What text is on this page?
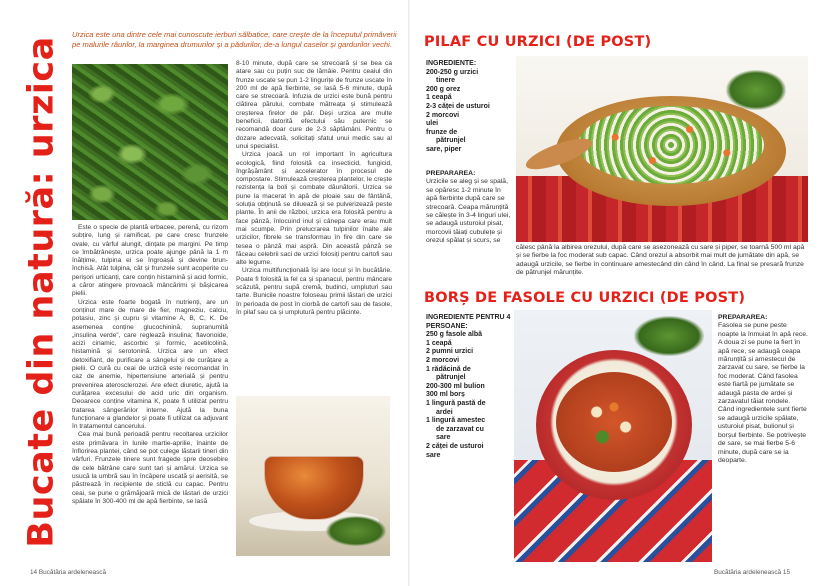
Bucate din natură: urzica
Urzica este una dintre cele mai cunoscute ierburi sălbatice, care crește de la începutul primăverii pe malurile râurilor, la marginea drumurilor și a pădurilor, de-a lungul caselor și gardurilor vechi.

Este o specie de plantă erbacee, perenă, cu rizom subțire, lung și ramificat, pe care cresc frunzele ovale, cu vârful alungit, dințate pe margini. Pe timp ce îmbătrânește, urzica poate ajunge până la 1 m înălțime, tulpina ei se îngroașă și devine brun-închisă. Atât tulpina, cât și frunzele sunt acoperite cu perișori urticanți, care conțin histamină și acid formic, a căror atingere provoacă mâncărimi și bășicarea pielii.

Urzica este foarte bogată în nutrienți, are un conținut mare de mare de fier, magneziu, calciu, potasiu, zinc și cupru și vitamine A, B, C, K. De asemenea conține glucochinină, supranumită „insulina verde”, care reglează insulina; flavonoide, acizi cinamic, ascorbic și formic, acetilcolină, histamină și serotonină. Urzica are un efect detoxifiant, de purificare a sângelui și de curățare a pielii. O cură cu ceai de urzică este recomandat în caz de anemie, hipertensiune arterială și pentru prevenirea aterosclerozei. Are efect diuretic, ajută la curățarea excesului de acid uric din organism. Deoarece conține vitamina K, poate fi utilizat pentru tratarea sângerărilor interne. Ajută la buna funcționare a glandelor și poate fi utilizat ca adjuvant în tratamentul cancerului.

Cea mai bună perioadă pentru recoltarea urzicilor este primăvara în lunile martie-aprilie, înainte de înflorirea plantei, când se pot culege lăstarii tineri din vârfuri. Frunzele tinere sunt fragede spre deosebire de cele bătrâne care sunt tari și amărui. Urzica se usucă la umbră sau în încăpere uscată și aerisită, se păstrează în recipiente de sticlă cu capac. Pentru ceai, se pune o grămăjoară mică de lăstari de urzici spălate în 300-400 ml de apă fierbinte, se lasă

8-10 minute, după care se strecoară și se bea ca atare sau cu puțin suc de lămâie. Pentru ceaiul din frunze uscate se pun 1-2 lingurițe de frunze uscate în 200 ml de apă fierbinte, se lasă 5-6 minute, după care se strecoară. Infuzia de urzici este bună pentru clătirea părului, combate mătreața și stimulează creșterea firelor de păr. Deși urzica are multe beneficii, datorită efectului său puternic se recomandă doar cure de 2-3 săptămâni. Pentru o dozare adecvată, solicitați sfatul unui medic sau al unui specialist.

Urzica joacă un rol important în agricultura ecologică, fiind folosită ca insecticid, fungicid, îngrășământ și accelerator în procesul de compostare. Stimulează creșterea plantelor, le crește rezistența la boli și combate dăunătorii. Urzica se pune la macerat în apă de ploaie sau de fântână, soluția obținută se diluează și se pulverizează peste plante. În anii de război, urzica era folosită pentru a face pânză, înlocuind inul și cânepa care erau mult mai scumpe. Prin prelucrarea tulpinilor înalte ale urzicilor, fibrele se transformau în fire din care se tesea o pânză mai aspră. Din această pânză se făceau celebrii saci de urzici folosiți pentru cartofi sau alte legume.

Urzica multifuncțională își are locul și în bucătărie. Poate fi folosită la fel ca și spanacul, pentru mâncare scăzută, pentru supă cremă, budinci, umpluturi sau tarte. Bunicile noastre foloseau primii lăstari de urzici în perioada de post în ciorbă de cartofi sau de fasole, în pilaf sau ca și umplutură pentru plăcinte.

14 Bucătăria ardelenească
PILAF CU URZICI (DE POST)
INGREDIENTE:
200-250 g urzici
tinere
200 g orez
1 ceapă
2-3 căței de usturoi
2 morcovi
ulei
frunze de
pătrunjel
sare, piper
PREPARAREA:
Urzicile se aleg și se spală, se opăresc 1-2 minute în apă fierbinte după care se strecoară. Ceapa mărunțită se călește în 3-4 linguri ulei, se adaugă usturoiul pisat, morcovii tăiați cubulețe și orezul spălat și scurs, se
călesc până la albirea orezului, după care se asezonează cu sare și piper, se toarnă 500 ml apă și se fierbe la foc moderat sub capac. Când orezul a absorbit mai mult de jumătate din apă, se adaugă urzicile, se fierbe în continuare amestecând din când în când. La final se presară frunze de pătrunjel mărunțite.
BORȘ DE FASOLE CU URZICI (DE POST)
INGREDIENTE PENTRU 4 PERSOANE:
250 g fasole albă
1 ceapă
2 pumni urzici
2 morcovi
1 rădăcină de
pătrunjel
200-300 ml bulion
300 ml borș
1 lingură pastă de
ardei
1 lingură amestec
de zarzavat cu
sare
2 căței de usturoi
sare
PREPARAREA:
Fasolea se pune peste noapte la înmuiat în apă rece. A doua zi se pune la fiert în apă rece, se adaugă ceapa mărunțită și amestecul de zarzavat cu sare, se fierbe la foc moderat. Când fasolea este fiartă pe jumătate se adaugă pasta de ardei și zarzavatul tăiat rondele. Când ingredientele sunt fierte se adaugă urzicile spălate, usturoiul pisat, bulionul și borșul fierbinte. Se potrivește de sare, se mai fierbe 5-6 minute, după care se ia deoparte.
Bucătăria ardelenească 15
